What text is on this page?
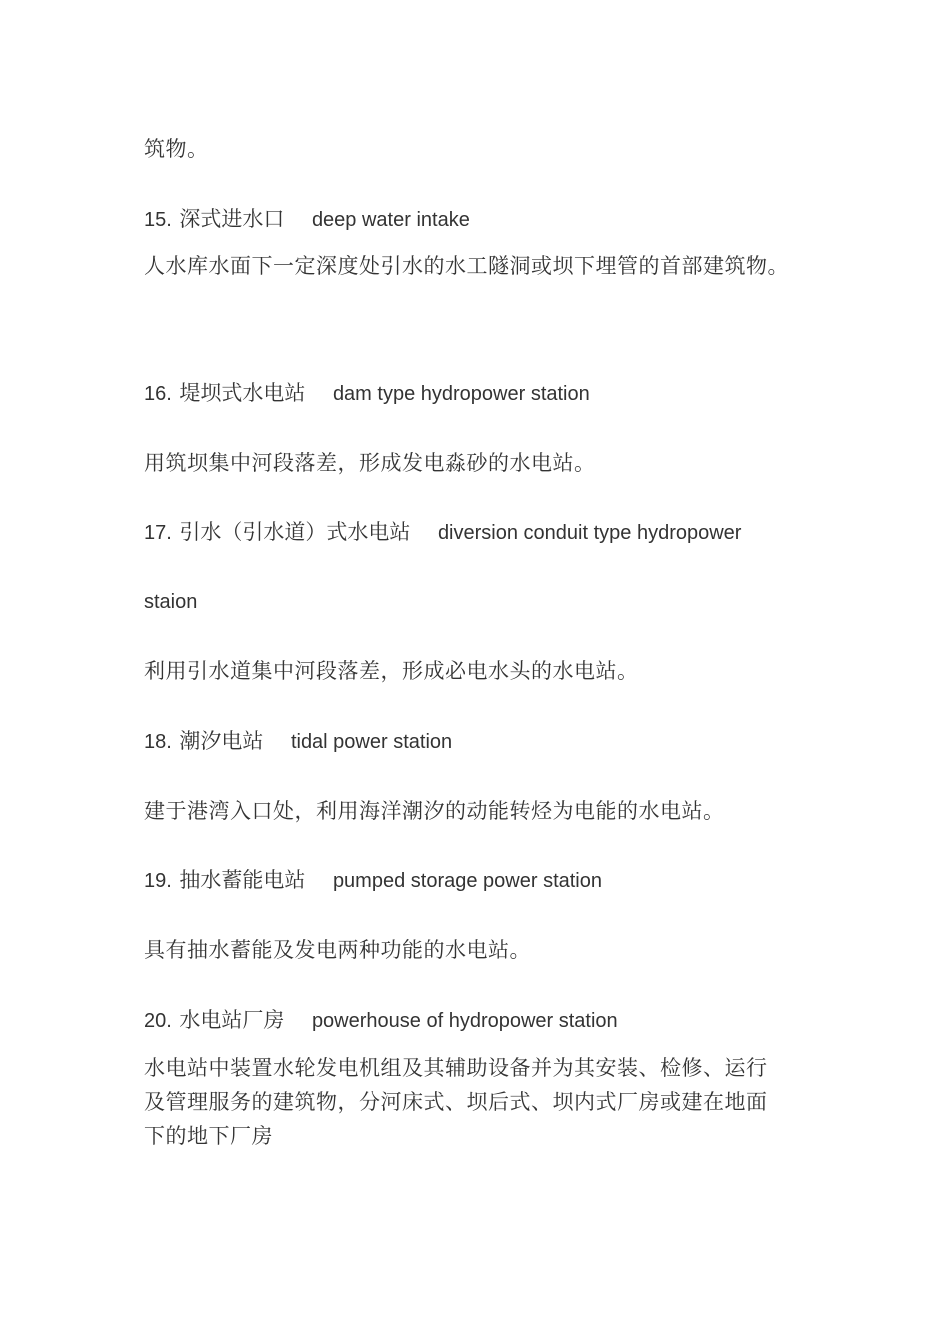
筑物。

15. 深式进水口 deep water intake

人水库水面下一定深度处引水的水工隧洞或坝下埋管的首部建筑物。

16. 堤坝式水电站 dam type hydropower station

用筑坝集中河段落差，形成发电淼砂的水电站。

17. 引水（引水道）式水电站 diversion conduit type hydropower

staion

利用引水道集中河段落差，形成必电水头的水电站。

18. 潮汐电站 tidal power station

建于港湾入口处，利用海洋潮汐的动能转烃为电能的水电站。

19. 抽水蓄能电站 pumped storage power station

具有抽水蓄能及发电两种功能的水电站。

20. 水电站厂房 powerhouse of hydropower station

水电站中装置水轮发电机组及其辅助设备并为其安装、检修、运行

及管理服务的建筑物，分河床式、坝后式、坝内式厂房或建在地面

下的地下厂房
